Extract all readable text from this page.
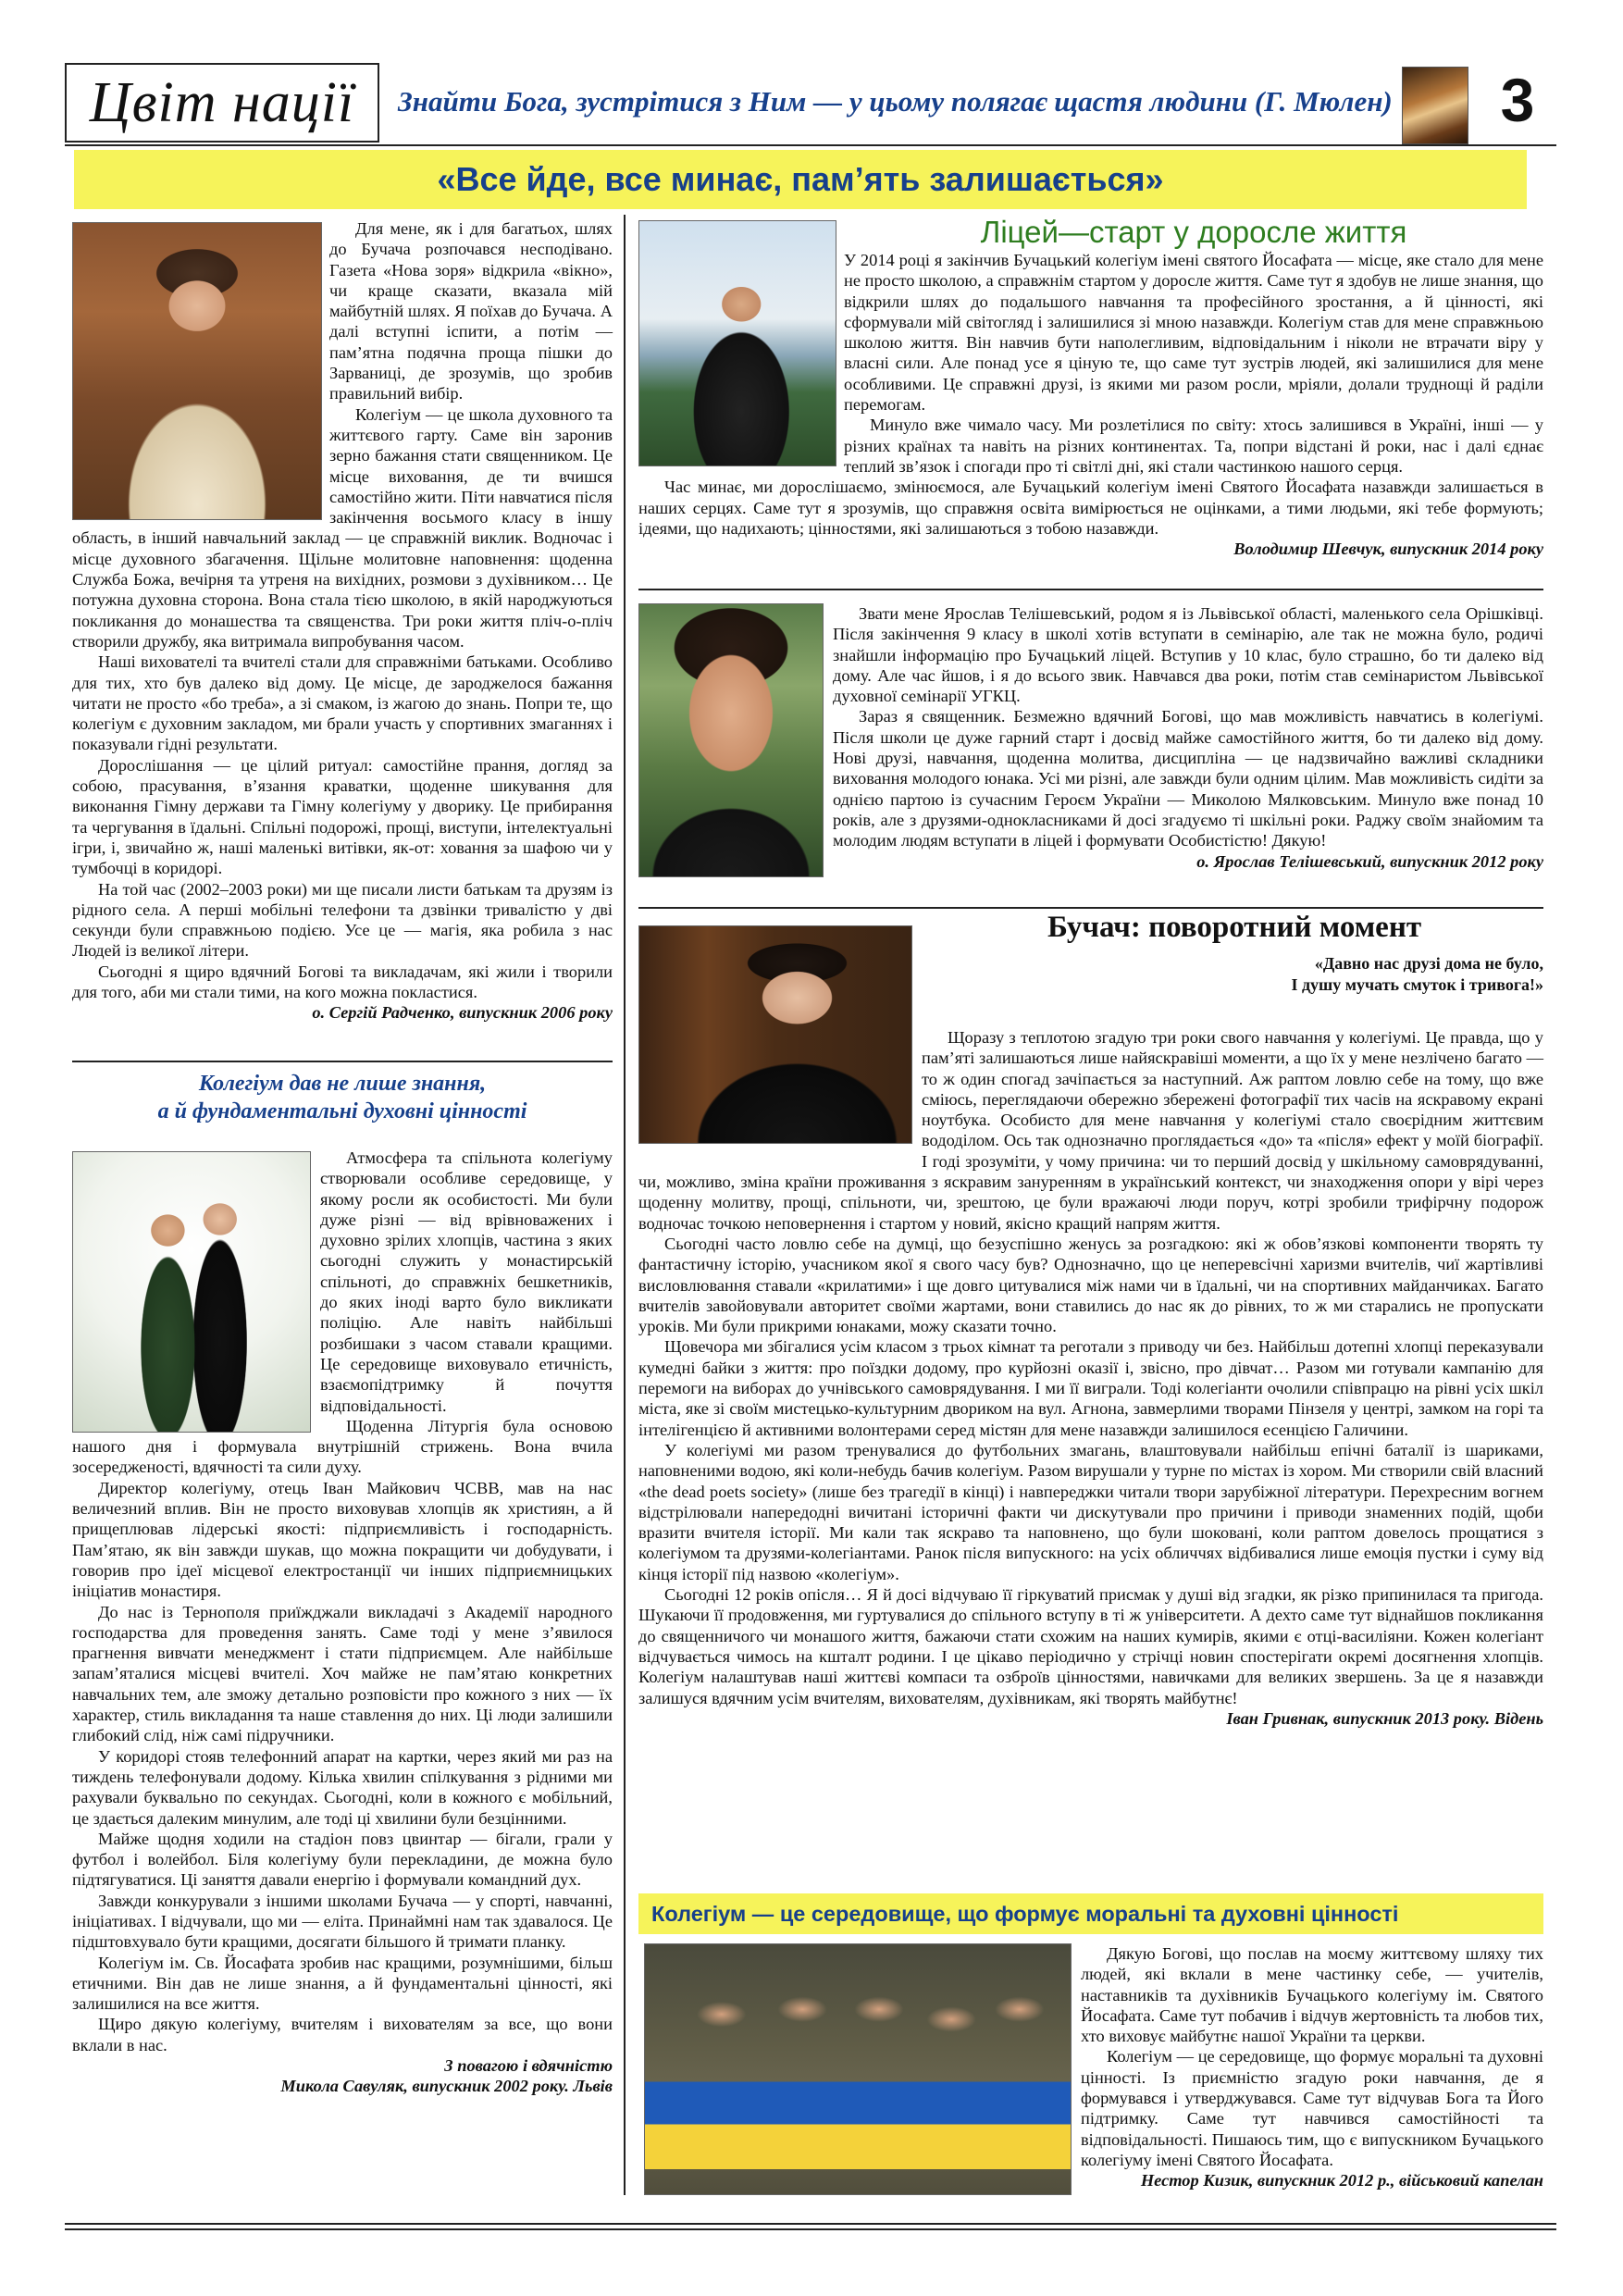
Цвіт нації	Знайти Бога, зустрітися з Ним — у цьому полягає щастя людини (Г. Мюлен)	3
«Все йде, все минає, пам’ять залишається»

Для мене, як і для багатьох, шлях до Бучача розпочався несподівано. Газета «Нова зоря» відкрила «вікно», чи краще сказати, вказала мій майбутній шлях. Я поїхав до Бучача. А далі вступні іспити, а потім — пам’ятна подячна проща пішки до Зарваниці, де зрозумів, що зробив правильний вибір.

Колегіум — це школа духовного та життєвого гарту. Саме він заронив зерно бажання стати священником. Це місце виховання, де ти вчишся самостійно жити. Піти навчатися після закінчення восьмого класу в іншу область, в інший навчальний заклад — це справжній виклик. Водночас і місце духовного збагачення. Щільне молитовне наповнення: щоденна Служба Божа, вечірня та утреня на вихідних, розмови з духівником… Це потужна духовна сторона. Вона стала тією школою, в якій народжуються покликання до монашества та священства. Три роки життя пліч-о-пліч створили дружбу, яка витримала випробування часом.

Наші вихователі та вчителі стали для справжніми батьками. Особливо для тих, хто був далеко від дому. Це місце, де зароджелося бажання читати не просто «бо треба», а зі смаком, із жагою до знань. Попри те, що колегіум є духовним закладом, ми брали участь у спортивних змаганнях і показували гідні результати.

Дорослішання — це цілий ритуал: самостійне прання, догляд за собою, прасування, в’язання краватки, щоденне шикування для виконання Гімну держави та Гімну колегіуму у дворику. Це прибирання та чергування в їдальні. Спільні подорожі, прощі, виступи, інтелектуальні ігри, і, звичайно ж, наші маленькі витівки, як-от: ховання за шафою чи у тумбочці в коридорі.

На той час (2002–2003 роки) ми ще писали листи батькам та друзям із рідного села. А перші мобільні телефони та дзвінки тривалістю у дві секунди були справжньою подією. Усе це — магія, яка робила з нас Людей із великої літери.

Сьогодні я щиро вдячний Богові та викладачам, які жили і творили для того, аби ми стали тими, на кого можна покластися.

о. Сергій Радченко, випускник 2006 року
Колегіум дав не лише знання,
а й фундаментальні духовні цінності

Атмосфера та спільнота колегіуму створювали особливе середовище, у якому росли як особистості. Ми були дуже різні — від врівноважених і духовно зрілих хлопців, частина з яких сьогодні служить у монастирській спільноті, до справжніх бешкетників, до яких іноді варто було викликати поліцію. Але навіть найбільші розбишаки з часом ставали кращими. Це середовище виховувало етичність, взаємопідтримку й почуття відповідальності.

Щоденна Літургія була основою нашого дня і формувала внутрішній стрижень. Вона вчила зосередженості, вдячності та сили духу.

Директор колегіуму, отець Іван Майкович ЧСВВ, мав на нас величезний вплив. Він не просто виховував хлопців як християн, а й прищеплював лідерські якості: підприємливість і господарність. Пам’ятаю, як він завжди шукав, що можна покращити чи добудувати, і говорив про ідеї місцевої електростанції чи інших підприємницьких ініціатив монастиря.

До нас із Тернополя приїжджали викладачі з Академії народного господарства для проведення занять. Саме тоді у мене з’явилося прагнення вивчати менеджмент і стати підприємцем. Але найбільше запам’яталися місцеві вчителі. Хоч майже не пам’ятаю конкретних навчальних тем, але зможу детально розповісти про кожного з них — їх характер, стиль викладання та наше ставлення до них. Ці люди залишили глибокий слід, ніж самі підручники.

У коридорі стояв телефонний апарат на картки, через який ми раз на тиждень телефонували додому. Кілька хвилин спілкування з рідними ми рахували буквально по секундах. Сьогодні, коли в кожного є мобільний, це здається далеким минулим, але тоді ці хвилини були безцінними.

Майже щодня ходили на стадіон повз цвинтар — бігали, грали у футбол і волейбол. Біля колегіуму були перекладини, де можна було підтягуватися. Ці заняття давали енергію і формували командний дух.

Завжди конкурували з іншими школами Бучача — у спорті, навчанні, ініціативах. І відчували, що ми — еліта. Принаймні нам так здавалося. Це підштовхувало бути кращими, досягати більшого й тримати планку.

Колегіум ім. Св. Йосафата зробив нас кращими, розумнішими, більш етичними. Він дав не лише знання, а й фундаментальні цінності, які залишилися на все життя.

Щиро дякую колегіуму, вчителям і вихователям за все, що вони вклали в нас.

З повагою і вдячністю
Микола Савуляк, випускник 2002 року. Львів
Ліцей—старт у доросле життя

У 2014 році я закінчив Бучацький колегіум імені святого Йосафата — місце, яке стало для мене не просто школою, а справжнім стартом у доросле життя. Саме тут я здобув не лише знання, що відкрили шлях до подальшого навчання та професійного зростання, а й цінності, які сформували мій світогляд і залишилися зі мною назавжди. Колегіум став для мене справжньою школою життя. Він навчив бути наполегливим, відповідальним і ніколи не втрачати віру у власні сили. Але понад усе я ціную те, що саме тут зустрів людей, які залишилися для мене особливими. Це справжні друзі, із якими ми разом росли, мріяли, долали труднощі й раділи перемогам.

Минуло вже чимало часу. Ми розлетілися по світу: хтось залишився в Україні, інші — у різних країнах та навіть на різних континентах. Та, попри відстані й роки, нас і далі єднає теплий зв’язок і спогади про ті світлі дні, які стали частинкою нашого серця.

Час минає, ми дорослішаємо, змінюємося, але Бучацький колегіум імені Святого Йосафата назавжди залишається в наших серцях. Саме тут я зрозумів, що справжня освіта вимірюється не оцінками, а тими людьми, які тебе формують; ідеями, що надихають; цінностями, які залишаються з тобою назавжди.

Володимир Шевчук, випускник 2014 року

Звати мене Ярослав Телішевський, родом я із Львівської області, маленького села Орішківці. Після закінчення 9 класу в школі хотів вступати в семінарію, але так не можна було, родичі знайшли інформацію про Бучацький ліцей. Вступив у 10 клас, було страшно, бо ти далеко від дому. Але час йшов, і я до всього звик. Навчався два роки, потім став семінаристом Львівської духовної семінарії УГКЦ.

Зараз я священник. Безмежно вдячний Богові, що мав можливість навчатись в колегіумі. Після школи це дуже гарний старт і досвід майже самостійного життя, бо ти далеко від дому. Нові друзі, навчання, щоденна молитва, дисципліна — це надзвичайно важливі складники виховання молодого юнака. Усі ми різні, але завжди були одним цілим. Мав можливість сидіти за однією партою із сучасним Героєм України — Миколою Мялковським. Минуло вже понад 10 років, але з друзями-однокласниками й досі згадуємо ті шкільні роки. Раджу своїм знайомим та молодим людям вступати в ліцей і формувати Особистістю! Дякую!

о. Ярослав Телішевський, випускник 2012 року
Бучач: поворотний момент
«Давно нас друзі дома не було,
І душу мучать смуток і тривога!»

Щоразу з теплотою згадую три роки свого навчання у колегіумі. Це правда, що у пам’яті залишаються лише найяскравіші моменти, а що їх у мене незлічено багато — то ж один спогад зачіпається за наступний. Аж раптом ловлю себе на тому, що вже сміюсь, переглядаючи обережно збережені фотографії тих часів на яскравому екрані ноутбука. Особисто для мене навчання у колегіумі стало своєрідним життєвим вододілом. Ось так однозначно проглядається «до» та «після» ефект у моїй біографії. І годі зрозуміти, у чому причина: чи то перший досвід у шкільному самоврядуванні, чи, можливо, зміна країни проживання з яскравим зануренням в український контекст, чи знаходження опори у вірі через щоденну молитву, прощі, спільноти, чи, зрештою, це були вражаючі люди поруч, котрі зробили трифірчну подорож водночас точкою неповернення і стартом у новий, якісно кращий напрям життя.

Сьогодні часто ловлю себе на думці, що безуспішно женусь за розгадкою: які ж обов’язкові компоненти творять ту фантастичну історію, учасником якої я свого часу був? Однозначно, що це неперевсічні харизми вчителів, чиї жартівливі висловлювання ставали «крилатими» і ще довго цитувалися між нами чи в їдальні, чи на спортивних майданчиках. Багато вчителів завойовували авторитет своїми жартами, вони ставились до нас як до рівних, то ж ми старались не пропускати уроків. Ми були прикрими юнаками, можу сказати точно.

Щовечора ми збігалися усім класом з трьох кімнат та реготали з приводу чи без. Найбільш дотепні хлопці переказували кумедні байки з життя: про поїздки додому, про курйозні оказії і, звісно, про дівчат… Разом ми готували кампанію для перемоги на виборах до учнівського самоврядування. І ми її виграли. Тоді колегіанти очолили співпрацю на рівні усіх шкіл міста, яке зі своїм мистецько-культурним двориком на вул. Агнона, завмерлими творами Пінзеля у центрі, замком на горі та інтелігенцією й активними волонтерами серед містян для мене назавжди залишилося есенцією Галичини.

У колегіумі ми разом тренувалися до футбольних змагань, влаштовували найбільш епічні баталії із шариками, наповненими водою, які коли-небудь бачив колегіум. Разом вирушали у турне по містах із хором. Ми створили свій власний «the dead poets society» (лише без трагедії в кінці) і навпереджки читали твори зарубіжної літератури. Перехресним вогнем відстрілювали напередодні вичитані історичні факти чи дискутували про причини і приводи знаменних подій, щоби вразити вчителя історії. Ми кали так яскраво та наповнено, що були шоковані, коли раптом довелось прощатися з колегіумом та друзями-колегіантами. Ранок після випускного: на усіх обличчях відбивалися лише емоція пустки і суму від кінця історії під назвою «колегіум».

Сьогодні 12 років опісля… Я й досі відчуваю її гіркуватий присмак у душі від згадки, як різко припинилася та пригода. Шукаючи її продовження, ми гуртувалися до спільного вступу в ті ж університети. А дехто саме тут віднайшов покликання до священничого чи монашого життя, бажаючи стати схожим на наших кумирів, якими є отці-василіяни. Кожен колегіант відчувається чимось на кшталт родини. І це цікаво періодично у стрічці новин спостерігати окремі досягнення хлопців. Колегіум налаштував наші життєві компаси та озброїв цінностями, навичками для великих звершень. За це я назавжди залишуся вдячним усім вчителям, вихователям, духівникам, які творять майбутнє!

Іван Гривнак, випускник 2013 року. Відень
Колегіум — це середовище, що формує моральні та духовні цінності

Дякую Богові, що послав на моєму життєвому шляху тих людей, які вклали в мене частинку себе, — учителів, наставників та духівників Бучацького колегіуму ім. Святого Йосафата. Саме тут побачив і відчув жертовність та любов тих, хто виховує майбутнє нашої України та церкви.

Колегіум — це середовище, що формує моральні та духовні цінності. Із приємністю згадую роки навчання, де я формувався і утверджувався. Саме тут відчував Бога та Його підтримку. Саме тут навчився самостійності та відповідальності. Пишаюсь тим, що є випускником Бучацького колегіуму імені Святого Йосафата.

Нестор Кизик, випускник 2012 р., військовий капелан
